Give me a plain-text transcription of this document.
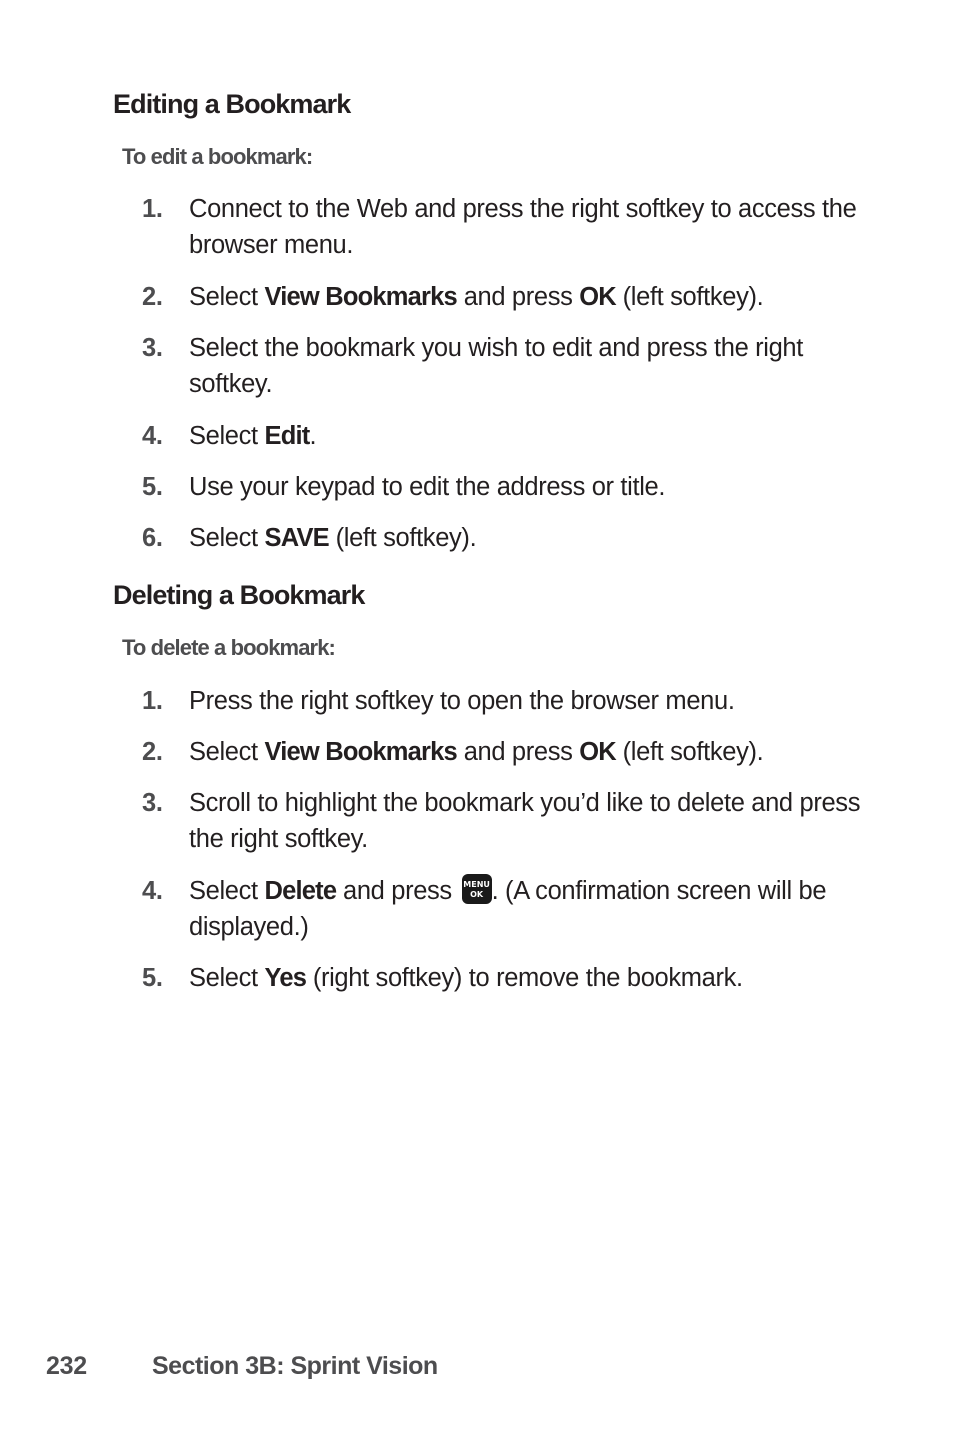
Editing a Bookmark
To edit a bookmark:
1. Connect to the Web and press the right softkey to access the browser menu.
2. Select View Bookmarks and press OK (left softkey).
3. Select the bookmark you wish to edit and press the right softkey.
4. Select Edit.
5. Use your keypad to edit the address or title.
6. Select SAVE (left softkey).
Deleting a Bookmark
To delete a bookmark:
1. Press the right softkey to open the browser menu.
2. Select View Bookmarks and press OK (left softkey).
3. Scroll to highlight the bookmark you’d like to delete and press the right softkey.
4. Select Delete and press MENU
OK . (A confirmation screen will be displayed.)
5. Select Yes (right softkey) to remove the bookmark.
232	Section 3B: Sprint Vision
